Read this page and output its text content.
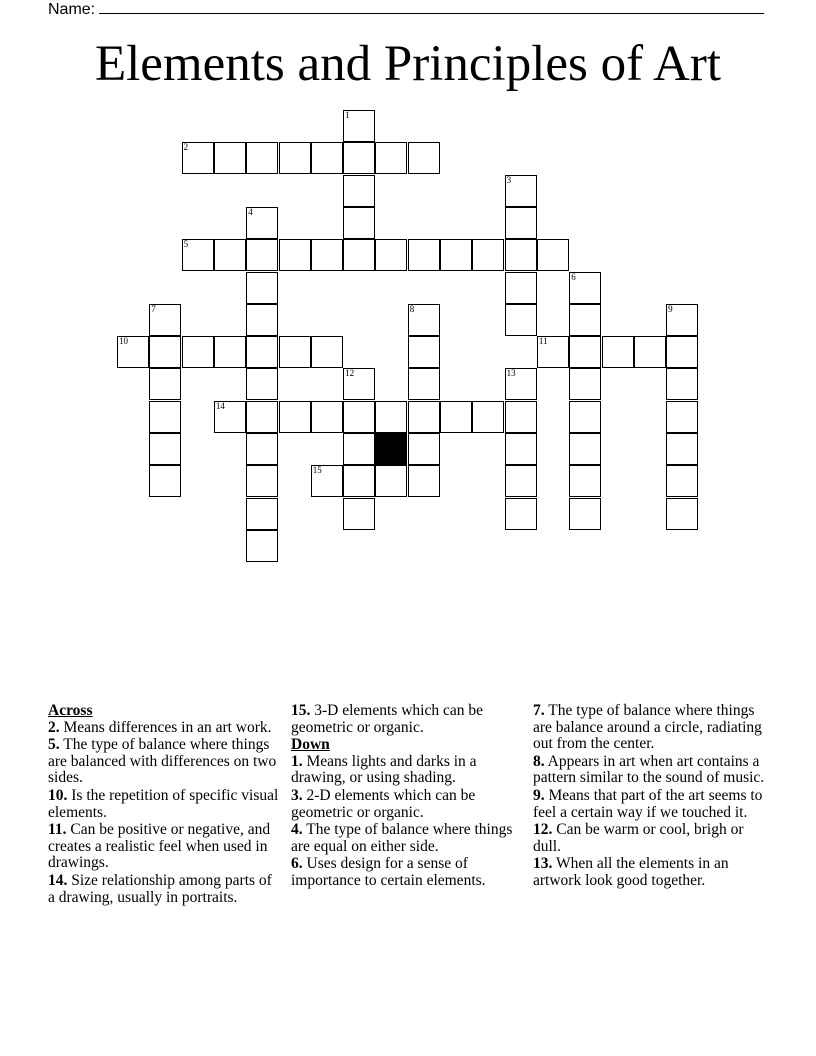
Name:
Elements and Principles of Art
2
5
10	11
14
15
1
3
4
6
7	8	9
12	13
Across
2. Means differences in an art work.
5. The type of balance where things are balanced with differences on two sides.
10. Is the repetition of specific visual elements.
11. Can be positive or negative, and creates a realistic feel when used in drawings.
14. Size relationship among parts of a drawing, usually in portraits.
15. 3-D elements which can be geometric or organic.
Down
1. Means lights and darks in a drawing, or using shading.
3. 2-D elements which can be geometric or organic.
4. The type of balance where things are equal on either side.
6. Uses design for a sense of importance to certain elements.
7. The type of balance where things are balance around a circle, radiating out from the center.
8. Appears in art when art contains a pattern similar to the sound of music.
9. Means that part of the art seems to feel a certain way if we touched it.
12. Can be warm or cool, brigh or dull.
13. When all the elements in an artwork look good together.
